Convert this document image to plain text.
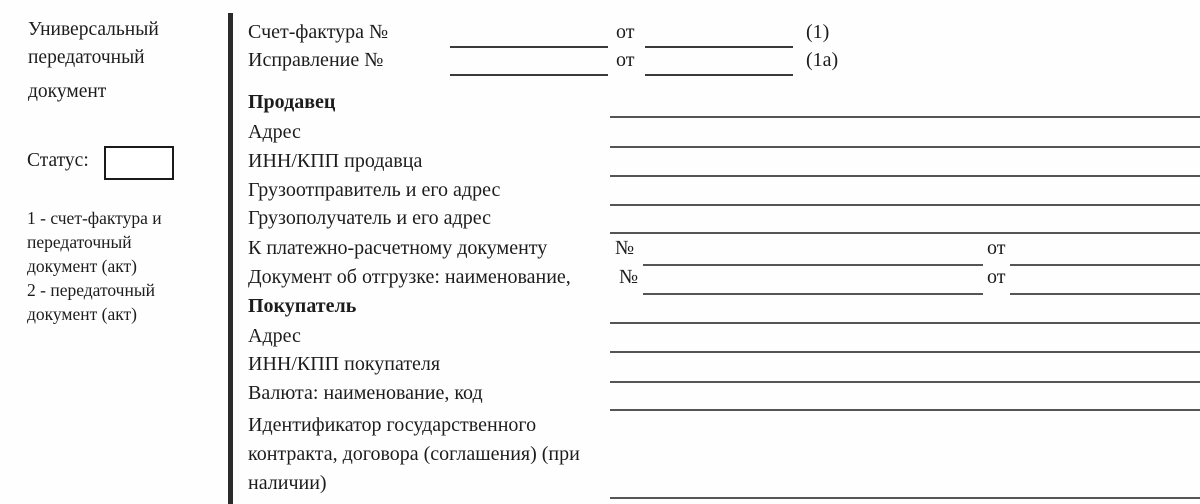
Универсальный
передаточный
документ
Статус:
1 - счет-фактура и передаточный документ (акт)
2 - передаточный документ (акт)
Счет-фактура №	от	(1)
Исправление №	от	(1а)
Продавец
Адрес
ИНН/КПП продавца
Грузоотправитель и его адрес
Грузополучатель и его адрес
К платежно-расчетному документу	№	от
Документ об отгрузке: наименование, №	от
Покупатель
Адрес
ИНН/КПП покупателя
Валюта: наименование, код
Идентификатор государственного контракта, договора (соглашения) (при наличии)
